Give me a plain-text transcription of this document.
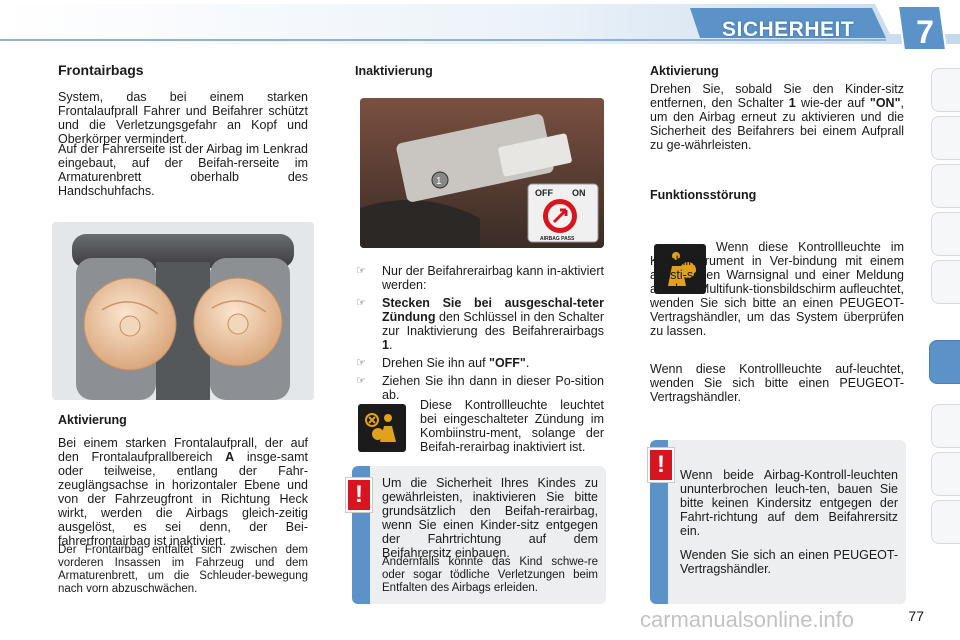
SICHERHEIT	7
Frontairbags
System, das bei einem starken Frontalaufprall Fahrer und Beifahrer schützt und die Verletzungsgefahr an Kopf und Oberkörper vermindert.
Auf der Fahrerseite ist der Airbag im Lenkrad eingebaut, auf der Beifah-rerseite im Armaturenbrett oberhalb des Handschuhfachs.
Aktivierung
Bei einem starken Frontalaufprall, der auf den Frontalaufprallbereich A insge-samt oder teilweise, entlang der Fahr-zeuglängsachse in horizontaler Ebene und von der Fahrzeugfront in Richtung Heck wirkt, werden die Airbags gleich-zeitig ausgelöst, es sei denn, der Bei-fahrerfrontairbag ist inaktiviert.
Der Frontairbag entfaltet sich zwischen dem vorderen Insassen im Fahrzeug und dem Armaturenbrett, um die Schleuder-bewegung nach vorn abzuschwächen.
Inaktivierung
1
OFF ON
AIRBAG PASS
☞ Nur der Beifahrerairbag kann in-aktiviert werden:
☞ Stecken Sie bei ausgeschal-teter Zündung den Schlüssel in den Schalter zur Inaktivierung des Beifahrerairbags 1.
☞ Drehen Sie ihn auf "OFF".
☞ Ziehen Sie ihn dann in dieser Po-sition ab.
Diese Kontrollleuchte leuchtet bei eingeschalteter Zündung im Kombiinstru-ment, solange der Beifah-rerairbag inaktiviert ist.
Um die Sicherheit Ihres Kindes zu gewährleisten, inaktivieren Sie bitte grundsätzlich den Beifah-rerairbag, wenn Sie einen Kinder-sitz entgegen der Fahrtrichtung auf dem Beifahrersitz einbauen.
Andernfalls könnte das Kind schwe-re oder sogar tödliche Verletzungen beim Entfalten des Airbags erleiden.
!
Aktivierung
Drehen Sie, sobald Sie den Kinder-sitz entfernen, den Schalter 1 wie-der auf "ON", um den Airbag erneut zu aktivieren und die Sicherheit des Beifahrers bei einem Aufprall zu ge-währleisten.
Funktionsstörung
Wenn diese Kontrollleuchte im Kombiinstrument in Ver-bindung mit einem akusti-schen Warnsignal und einer Meldung auf dem Multifunk-tionsbildschirm aufleuchtet, wenden Sie sich bitte an einen PEUGEOT-Vertragshändler, um das System überprüfen zu lassen.
Wenn diese Kontrollleuchte auf-leuchtet, wenden Sie sich bitte einen PEUGEOT-Vertragshändler.
Wenn beide Airbag-Kontroll-leuchten ununterbrochen leuch-ten, bauen Sie bitte keinen Kindersitz entgegen der Fahrt-richtung auf dem Beifahrersitz ein.
Wenden Sie sich an einen PEUGEOT-Vertragshändler.
!
carmanualsonline.info	77
